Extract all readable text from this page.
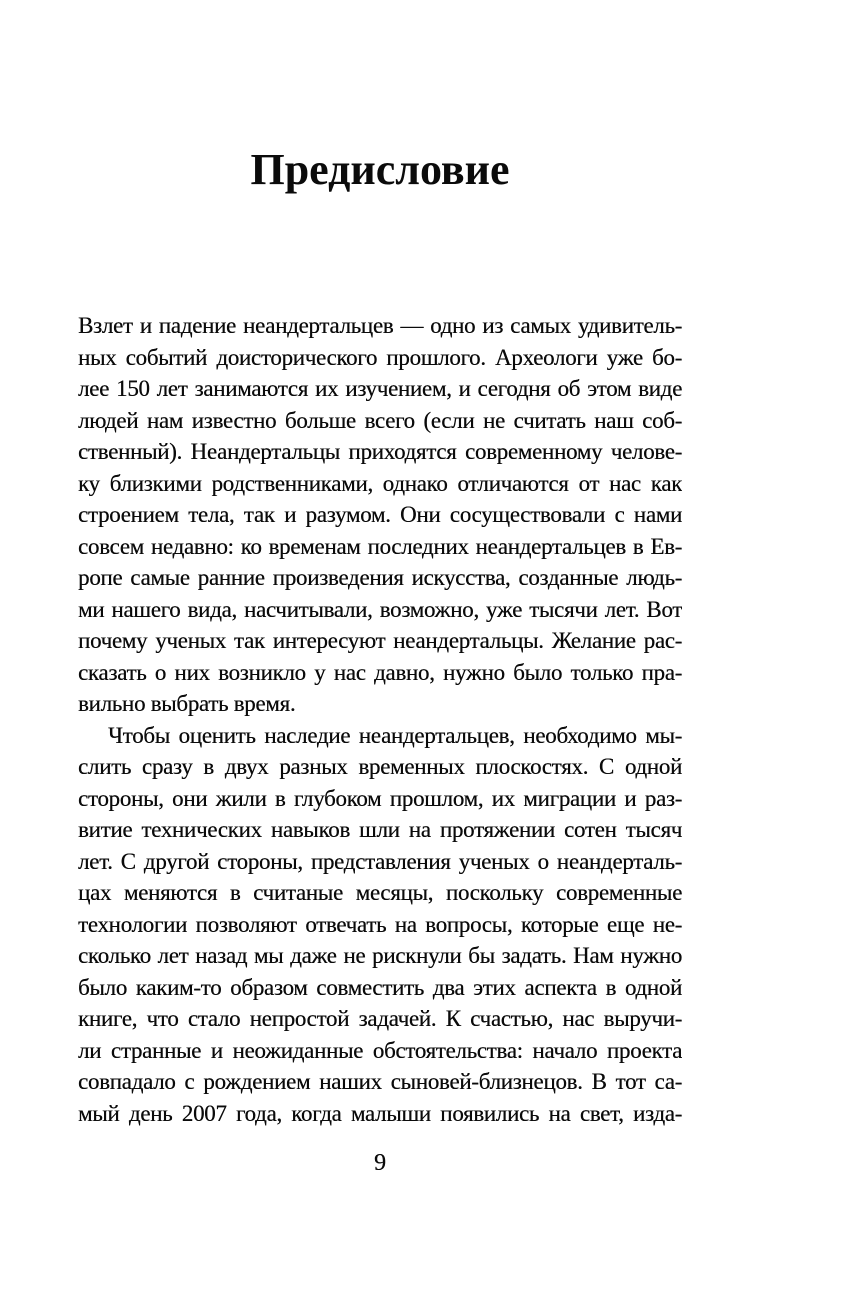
Предисловие
Взлет и падение неандертальцев — одно из самых удивитель-
ных событий доисторического прошлого. Археологи уже бо-
лее 150 лет занимаются их изучением, и сегодня об этом виде
людей нам известно больше всего (если не считать наш соб-
ственный). Неандертальцы приходятся современному челове-
ку близкими родственниками, однако отличаются от нас как
строением тела, так и разумом. Они сосуществовали с нами
совсем недавно: ко временам последних неандертальцев в Ев-
ропе самые ранние произведения искусства, созданные людь-
ми нашего вида, насчитывали, возможно, уже тысячи лет. Вот
почему ученых так интересуют неандертальцы. Желание рас-
сказать о них возникло у нас давно, нужно было только пра-
вильно выбрать время.
Чтобы оценить наследие неандертальцев, необходимо мы-
слить сразу в двух разных временных плоскостях. С одной
стороны, они жили в глубоком прошлом, их миграции и раз-
витие технических навыков шли на протяжении сотен тысяч
лет. С другой стороны, представления ученых о неандерталь-
цах меняются в считаные месяцы, поскольку современные
технологии позволяют отвечать на вопросы, которые еще не-
сколько лет назад мы даже не рискнули бы задать. Нам нужно
было каким-то образом совместить два этих аспекта в одной
книге, что стало непростой задачей. К счастью, нас выручи-
ли странные и неожиданные обстоятельства: начало проекта
совпадало с рождением наших сыновей-близнецов. В тот са-
мый день 2007 года, когда малыши появились на свет, изда-
9
